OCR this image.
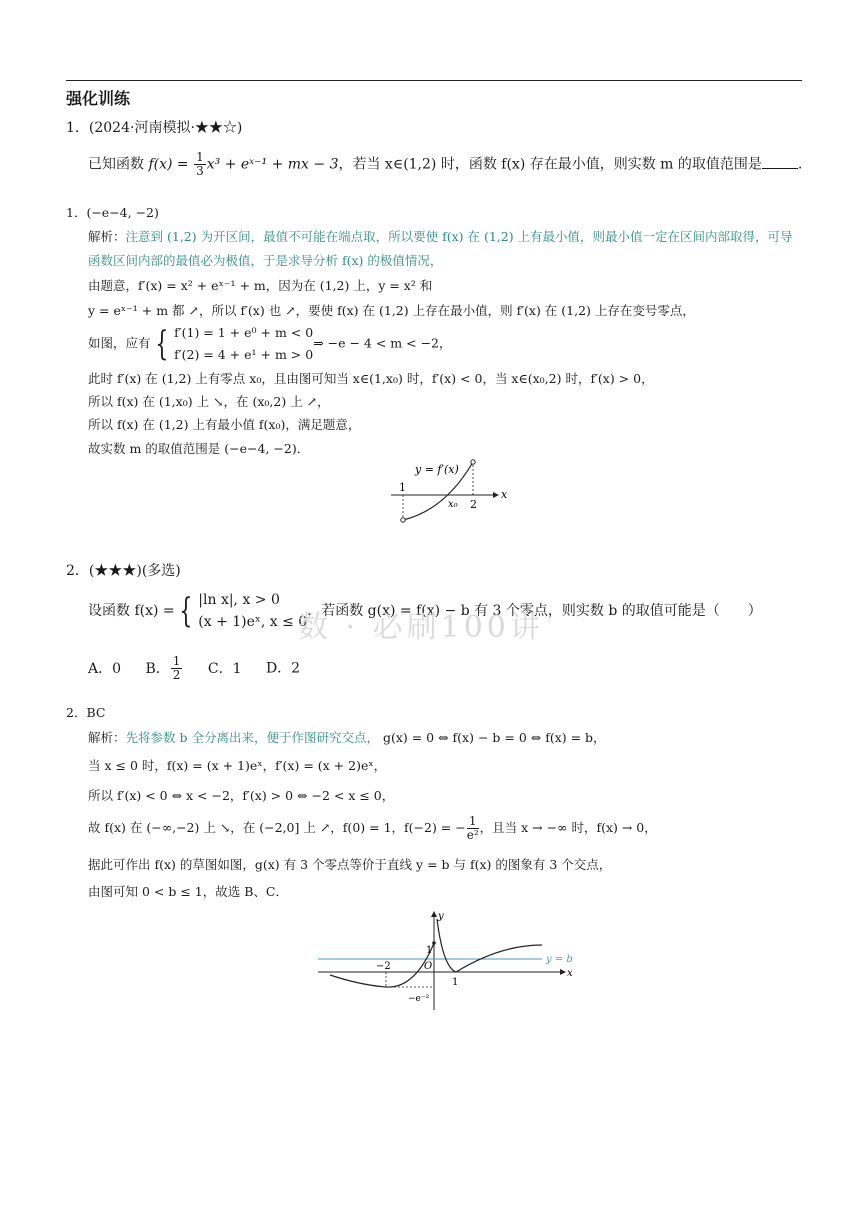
强化训练
1．(2024·河南模拟·★★☆)
已知函数 $f(x) = \frac{1}{3} x^3$ + eˣ⁻¹ + mx − 3，若当 x∈(1,2) 时，函数 f(x) 存在最小值，则实数 m 的取值范围是	.
1．(−e−4, −2)
解析：注意到 (1,2) 为开区间，最值不可能在端点取，所以要使 f(x) 在 (1,2) 上有最小值，则最小值一定在区间内部取得，可导
函数区间内部的最值必为极值，于是求导分析 f(x) 的极值情况，
由题意，f′(x) = x² + eˣ⁻¹ + m，因为在 (1,2) 上，y = x² 和
y = eˣ⁻¹ + m 都 ↗，所以 f′(x) 也 ↗，要使 f(x) 在 (1,2) 上存在最小值，则 f′(x) 在 (1,2) 上存在变号零点，
如图，应有 { f′(1) = 1 + e⁰ + m < 0
f′(2) = 4 + e¹ + m > 0
⇒ −e − 4 < m < −2，
此时 f′(x) 在 (1,2) 上有零点 x₀，且由图可知当 x∈(1,x₀) 时，f′(x) < 0，当 x∈(x₀,2) 时，f′(x) > 0，
所以 f(x) 在 (1,x₀) 上 ↘，在 (x₀,2) 上 ↗，
所以 f(x) 在 (1,2) 上有最小值 f(x₀)，满足题意，
故实数 m 的取值范围是 (−e−4, −2)．
y = f′(x)
1
x₀ 2
x
2．(★★★)(多选)
设函数 f(x) = { |ln x|, x > 0
(x + 1)eˣ, x ≤ 0
，若函数 g(x) = f(x) − b 有 3 个零点，则实数 b 的取值可能是（　　）
A．0 B． $\frac{1}{2}$ C．1 D．2
数 · 必刷100讲
2．BC
解析：先将参数 b 全分离出来，便于作图研究交点， g(x) = 0 ⇔ f(x) − b = 0 ⇔ f(x) = b，
当 x ≤ 0 时，f(x) = (x + 1)eˣ，f′(x) = (x + 2)eˣ，
所以 f′(x) < 0 ⇔ x < −2，f′(x) > 0 ⇔ −2 < x ≤ 0，
故 f(x) 在 (−∞,−2) 上 ↘，在 (−2,0] 上 ↗，f(0) = 1，f(−2) = − $\frac{1}{\text{e²}}$ ，且当 x → −∞ 时，f(x) → 0，
据此可作出 f(x) 的草图如图，g(x) 有 3 个零点等价于直线 y = b 与 f(x) 的图象有 3 个交点，
由图可知 0 < b ≤ 1，故选 B、C．
y
x
y = b
1
O
−2
1
−e⁻²
